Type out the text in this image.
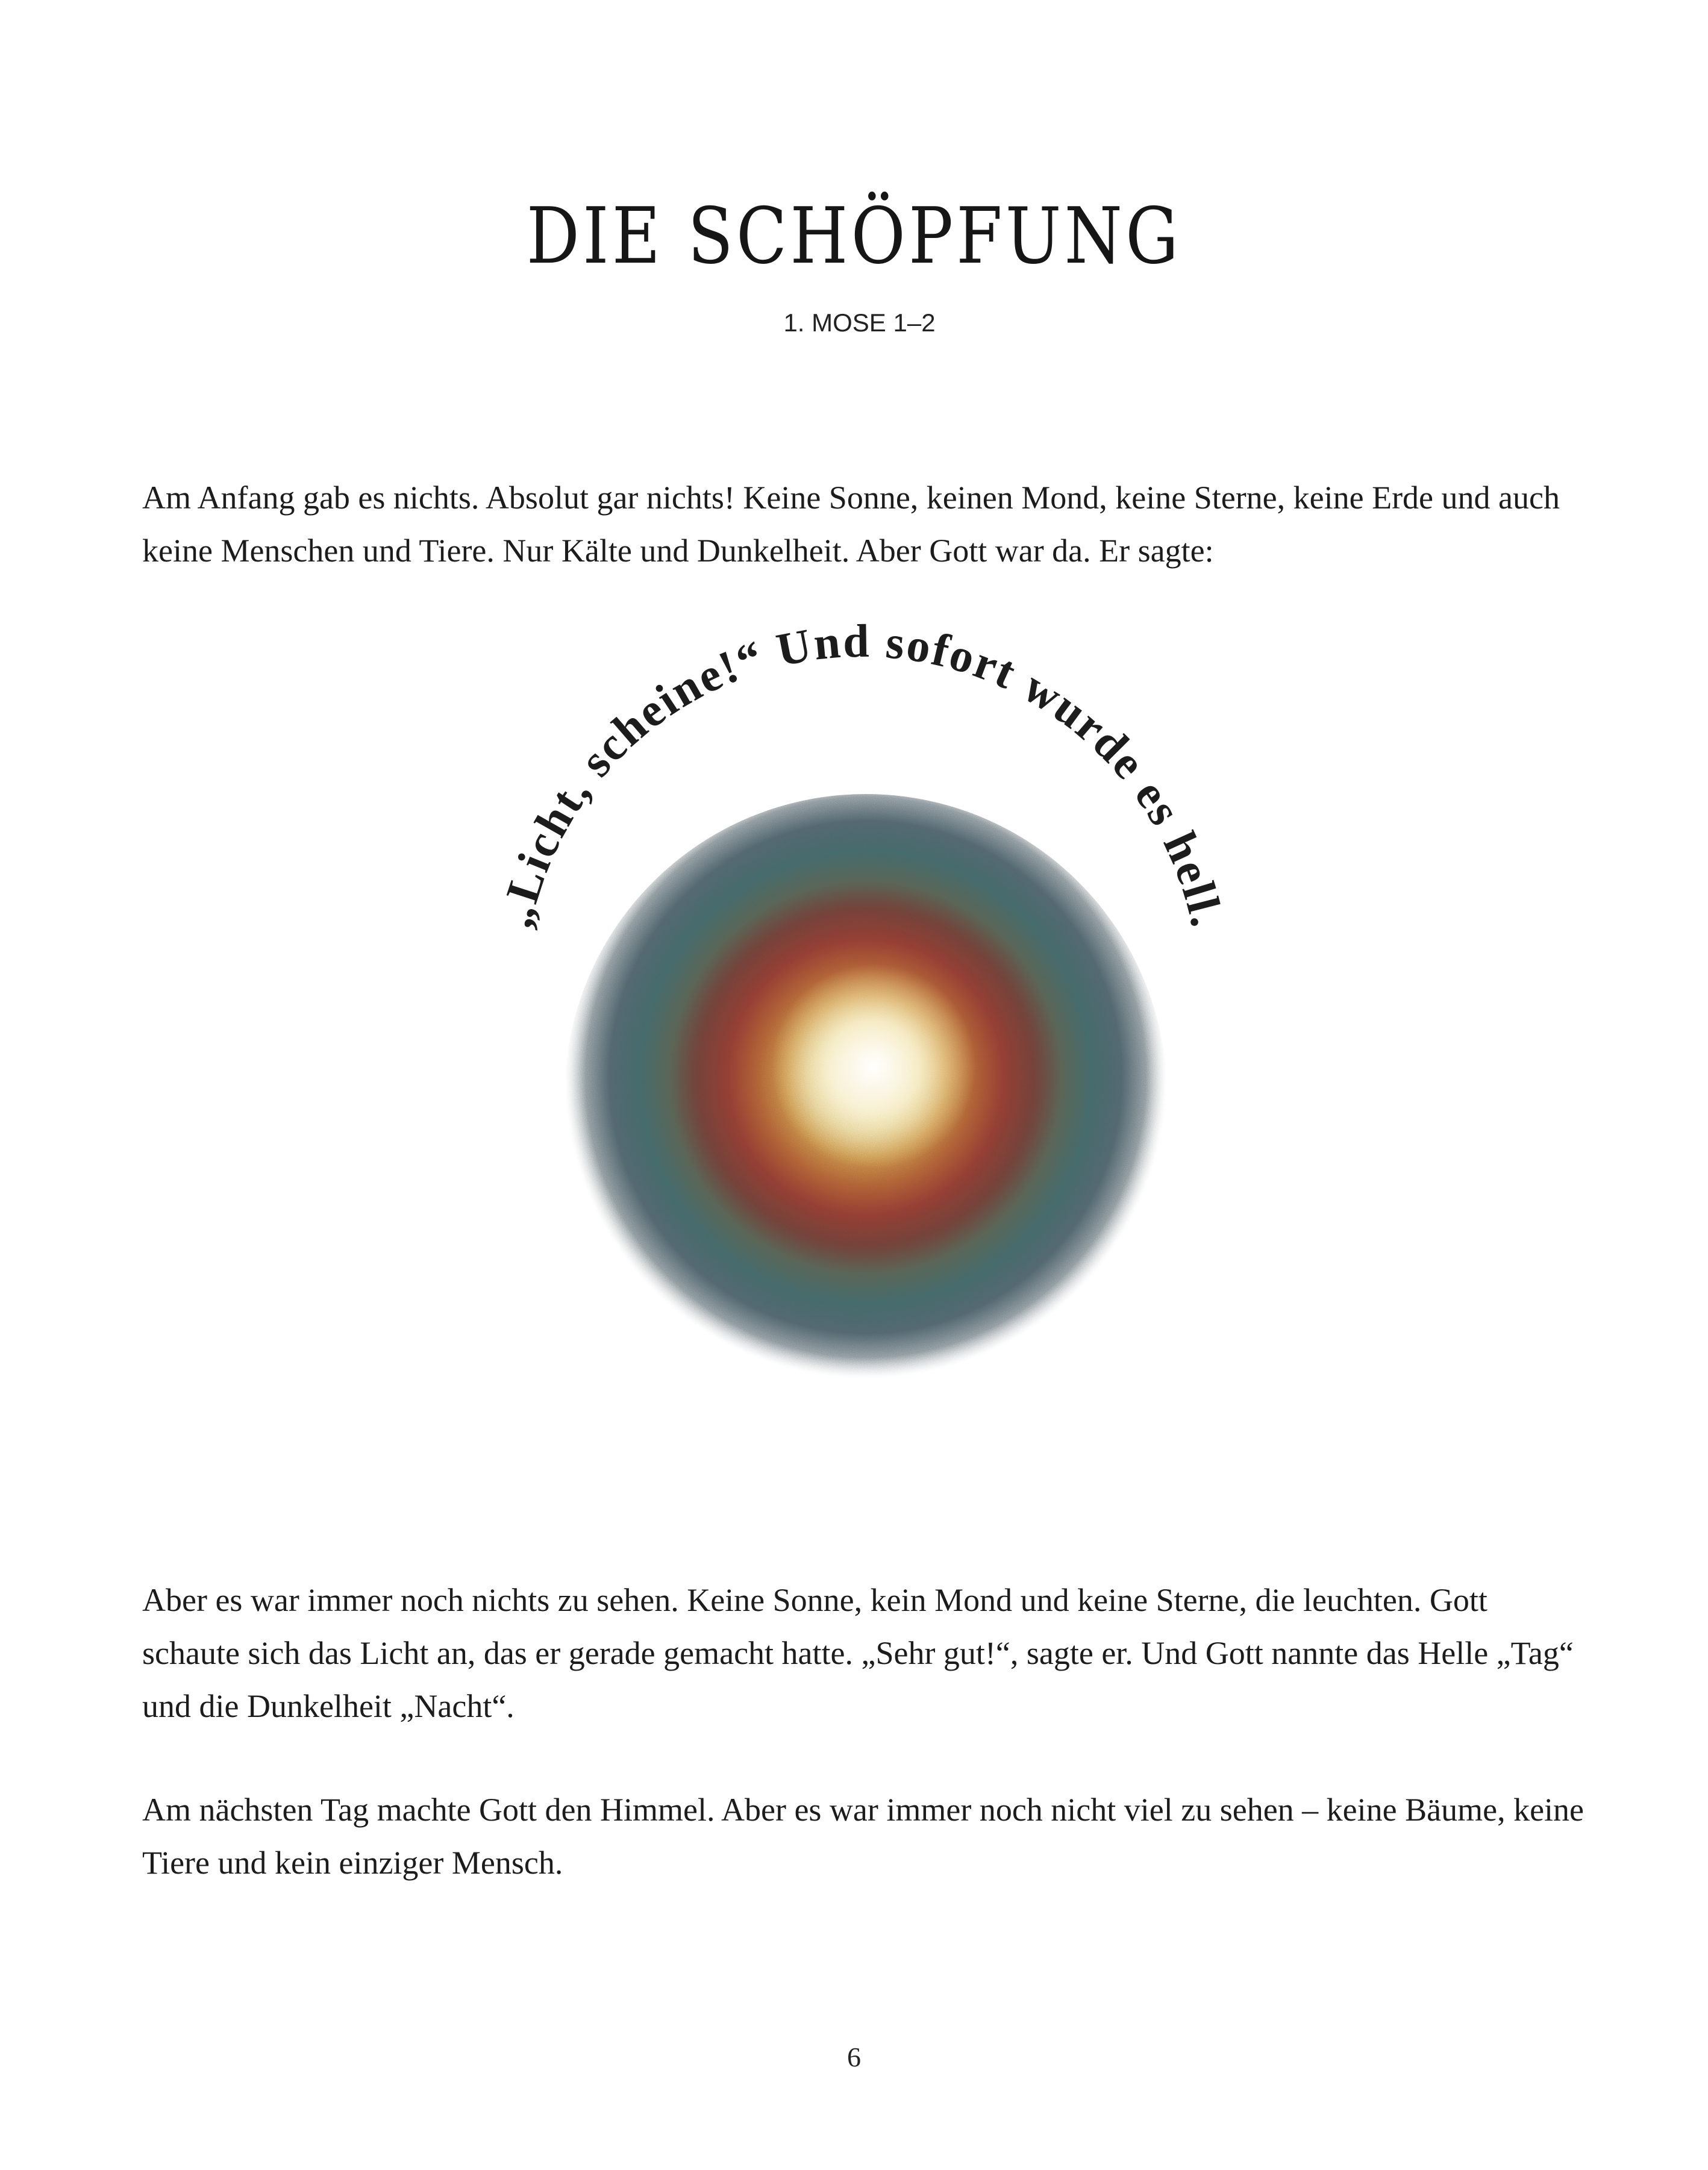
DIE SCHÖPFUNG
1. MOSE 1–2

Am Anfang gab es nichts. Absolut gar nichts! Keine Sonne, keinen Mond, keine Sterne, keine Erde und auch keine Menschen und Tiere. Nur Kälte und Dunkelheit. Aber Gott war da. Er sagte:

„Licht, scheine!“ Und sofort wurde es hell.

Aber es war immer noch nichts zu sehen. Keine Sonne, kein Mond und keine Sterne, die leuchten. Gott schaute sich das Licht an, das er gerade gemacht hatte. „Sehr gut!“, sagte er. Und Gott nannte das Helle „Tag“ und die Dunkelheit „Nacht“.

Am nächsten Tag machte Gott den Himmel. Aber es war immer noch nicht viel zu sehen – keine Bäume, keine Tiere und kein einziger Mensch.

6
